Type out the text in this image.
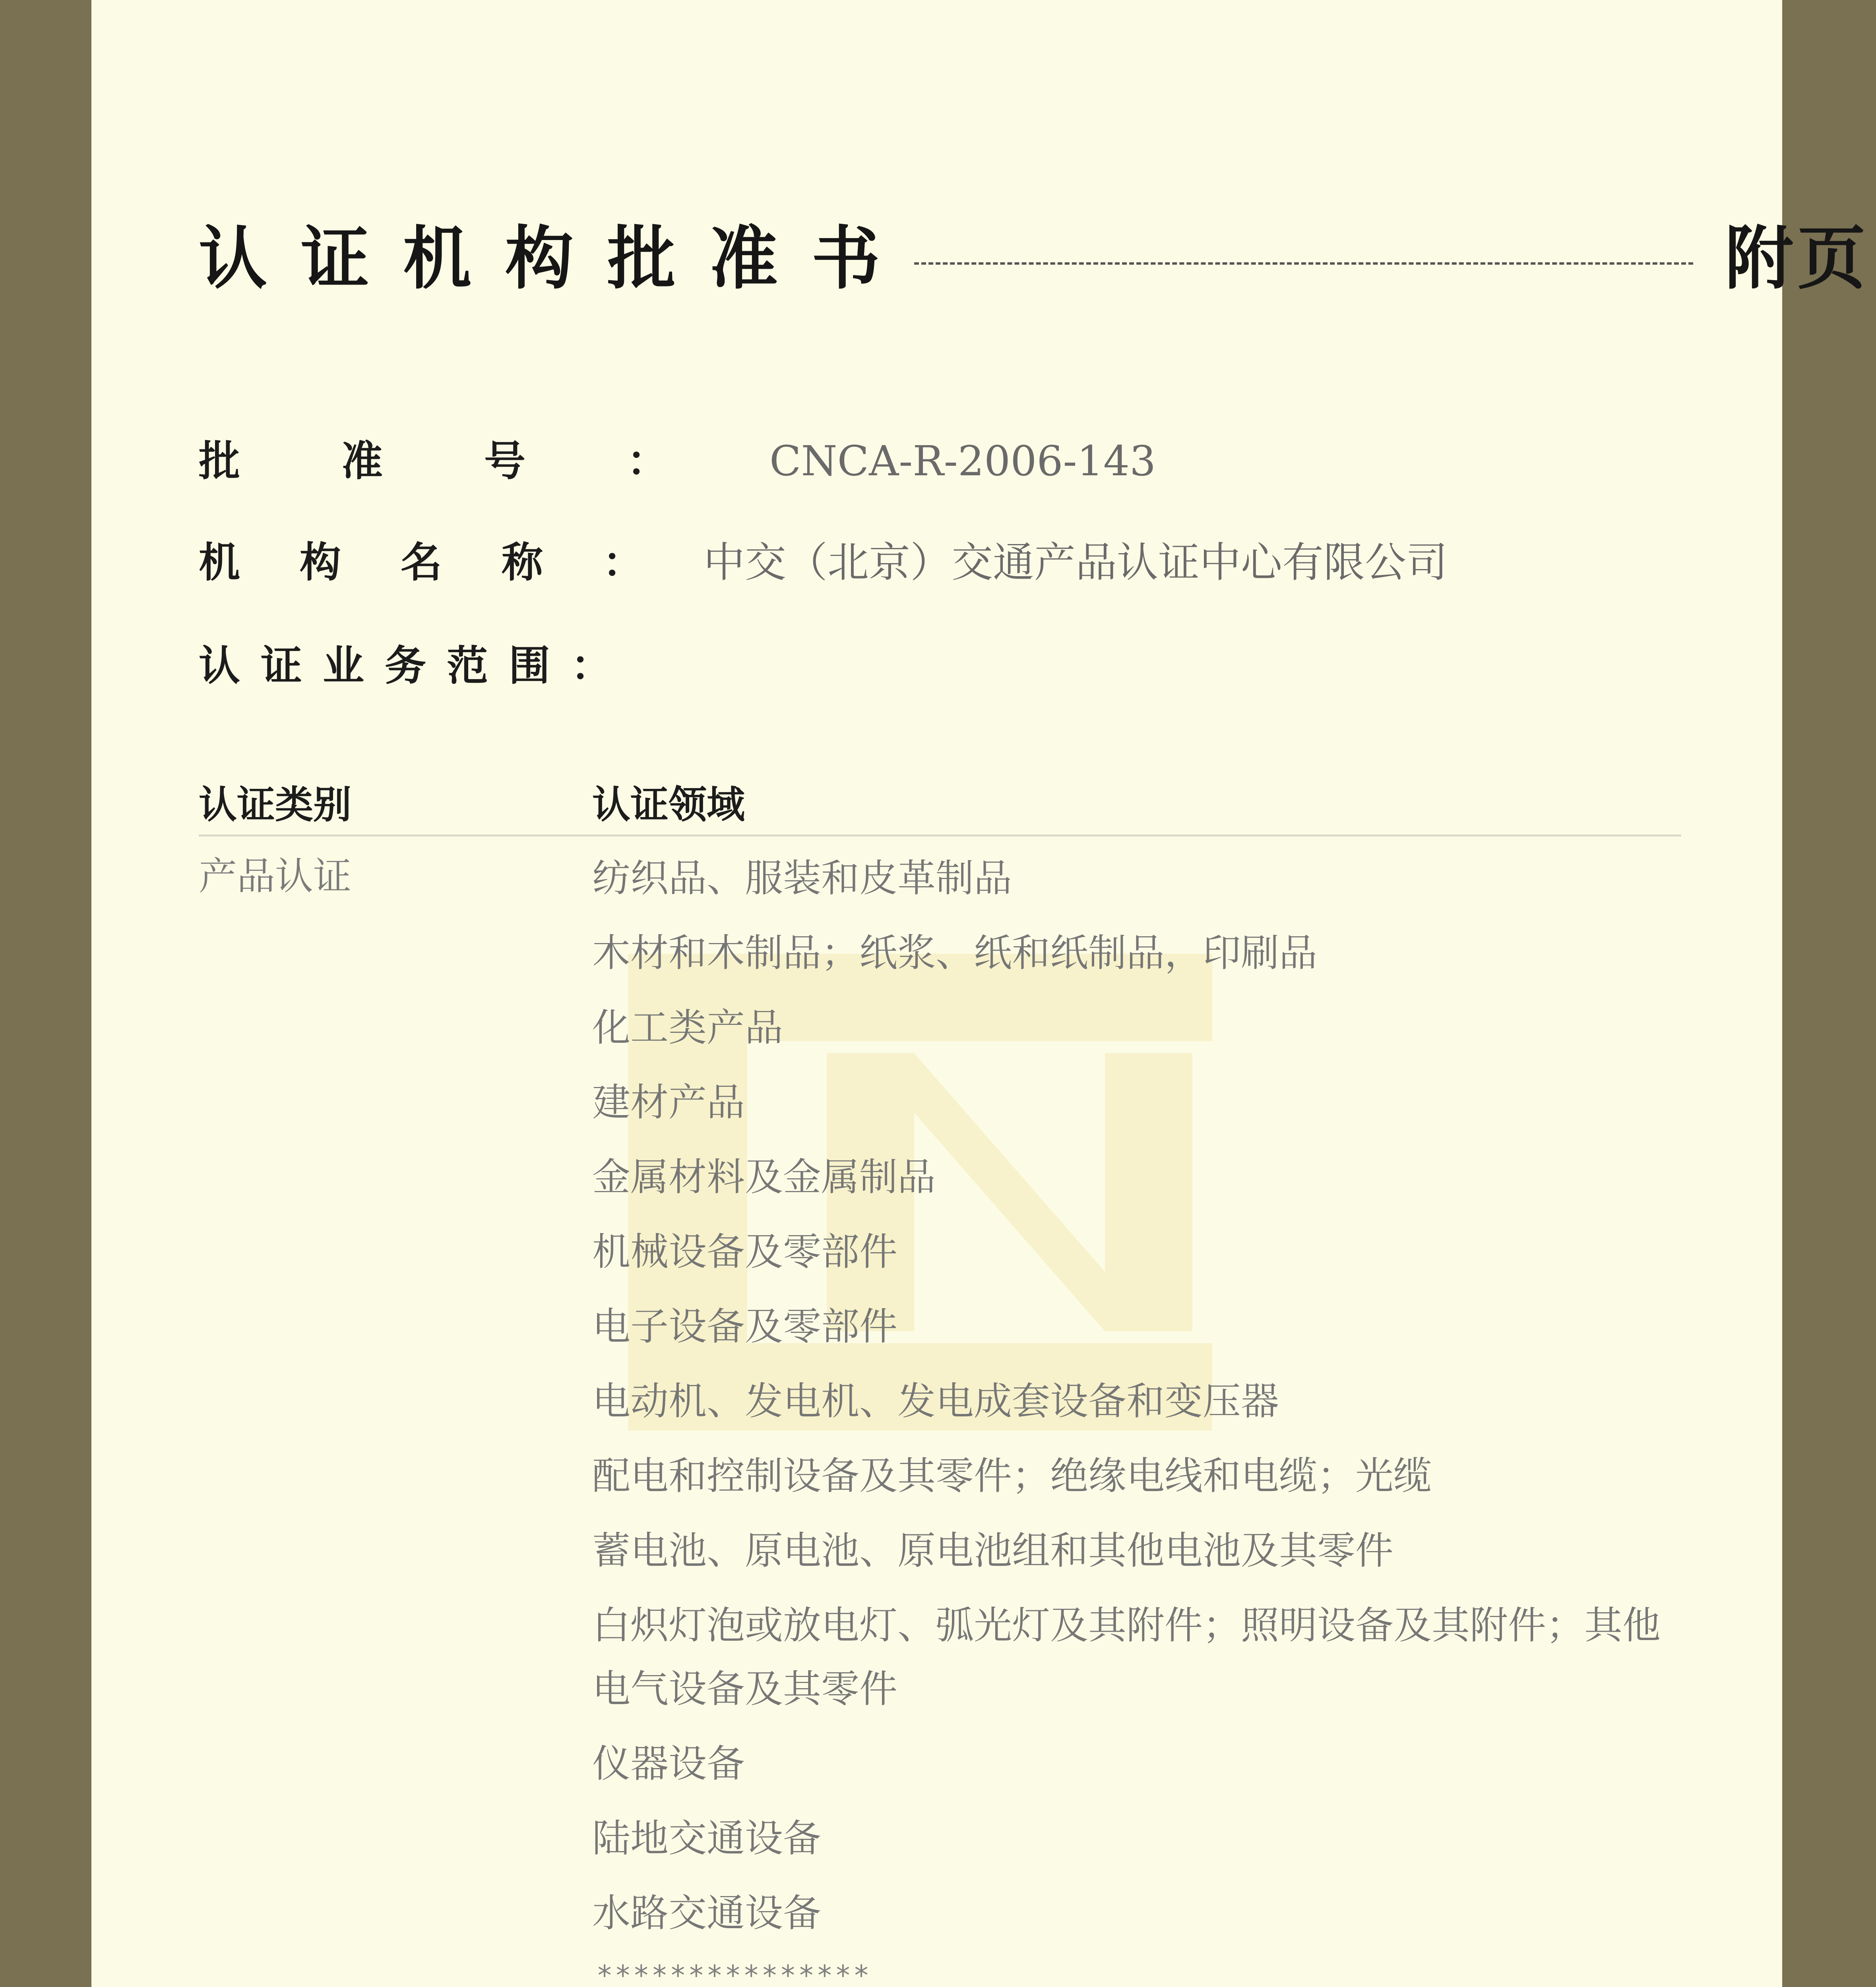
认证机构批准书	附页
批准号：CNCA-R-2006-143
机构名称：中交（北京）交通产品认证中心有限公司
认证业务范围：
认证类别	认证领域
产品认证	纺织品、服装和皮革制品
木材和木制品；纸浆、纸和纸制品，印刷品
化工类产品
建材产品
金属材料及金属制品
机械设备及零部件
电子设备及零部件
电动机、发电机、发电成套设备和变压器
配电和控制设备及其零件；绝缘电线和电缆；光缆
蓄电池、原电池、原电池组和其他电池及其零件
白炽灯泡或放电灯、弧光灯及其附件；照明设备及其附件；其他电气设备及其零件
仪器设备
陆地交通设备
水路交通设备
***************
